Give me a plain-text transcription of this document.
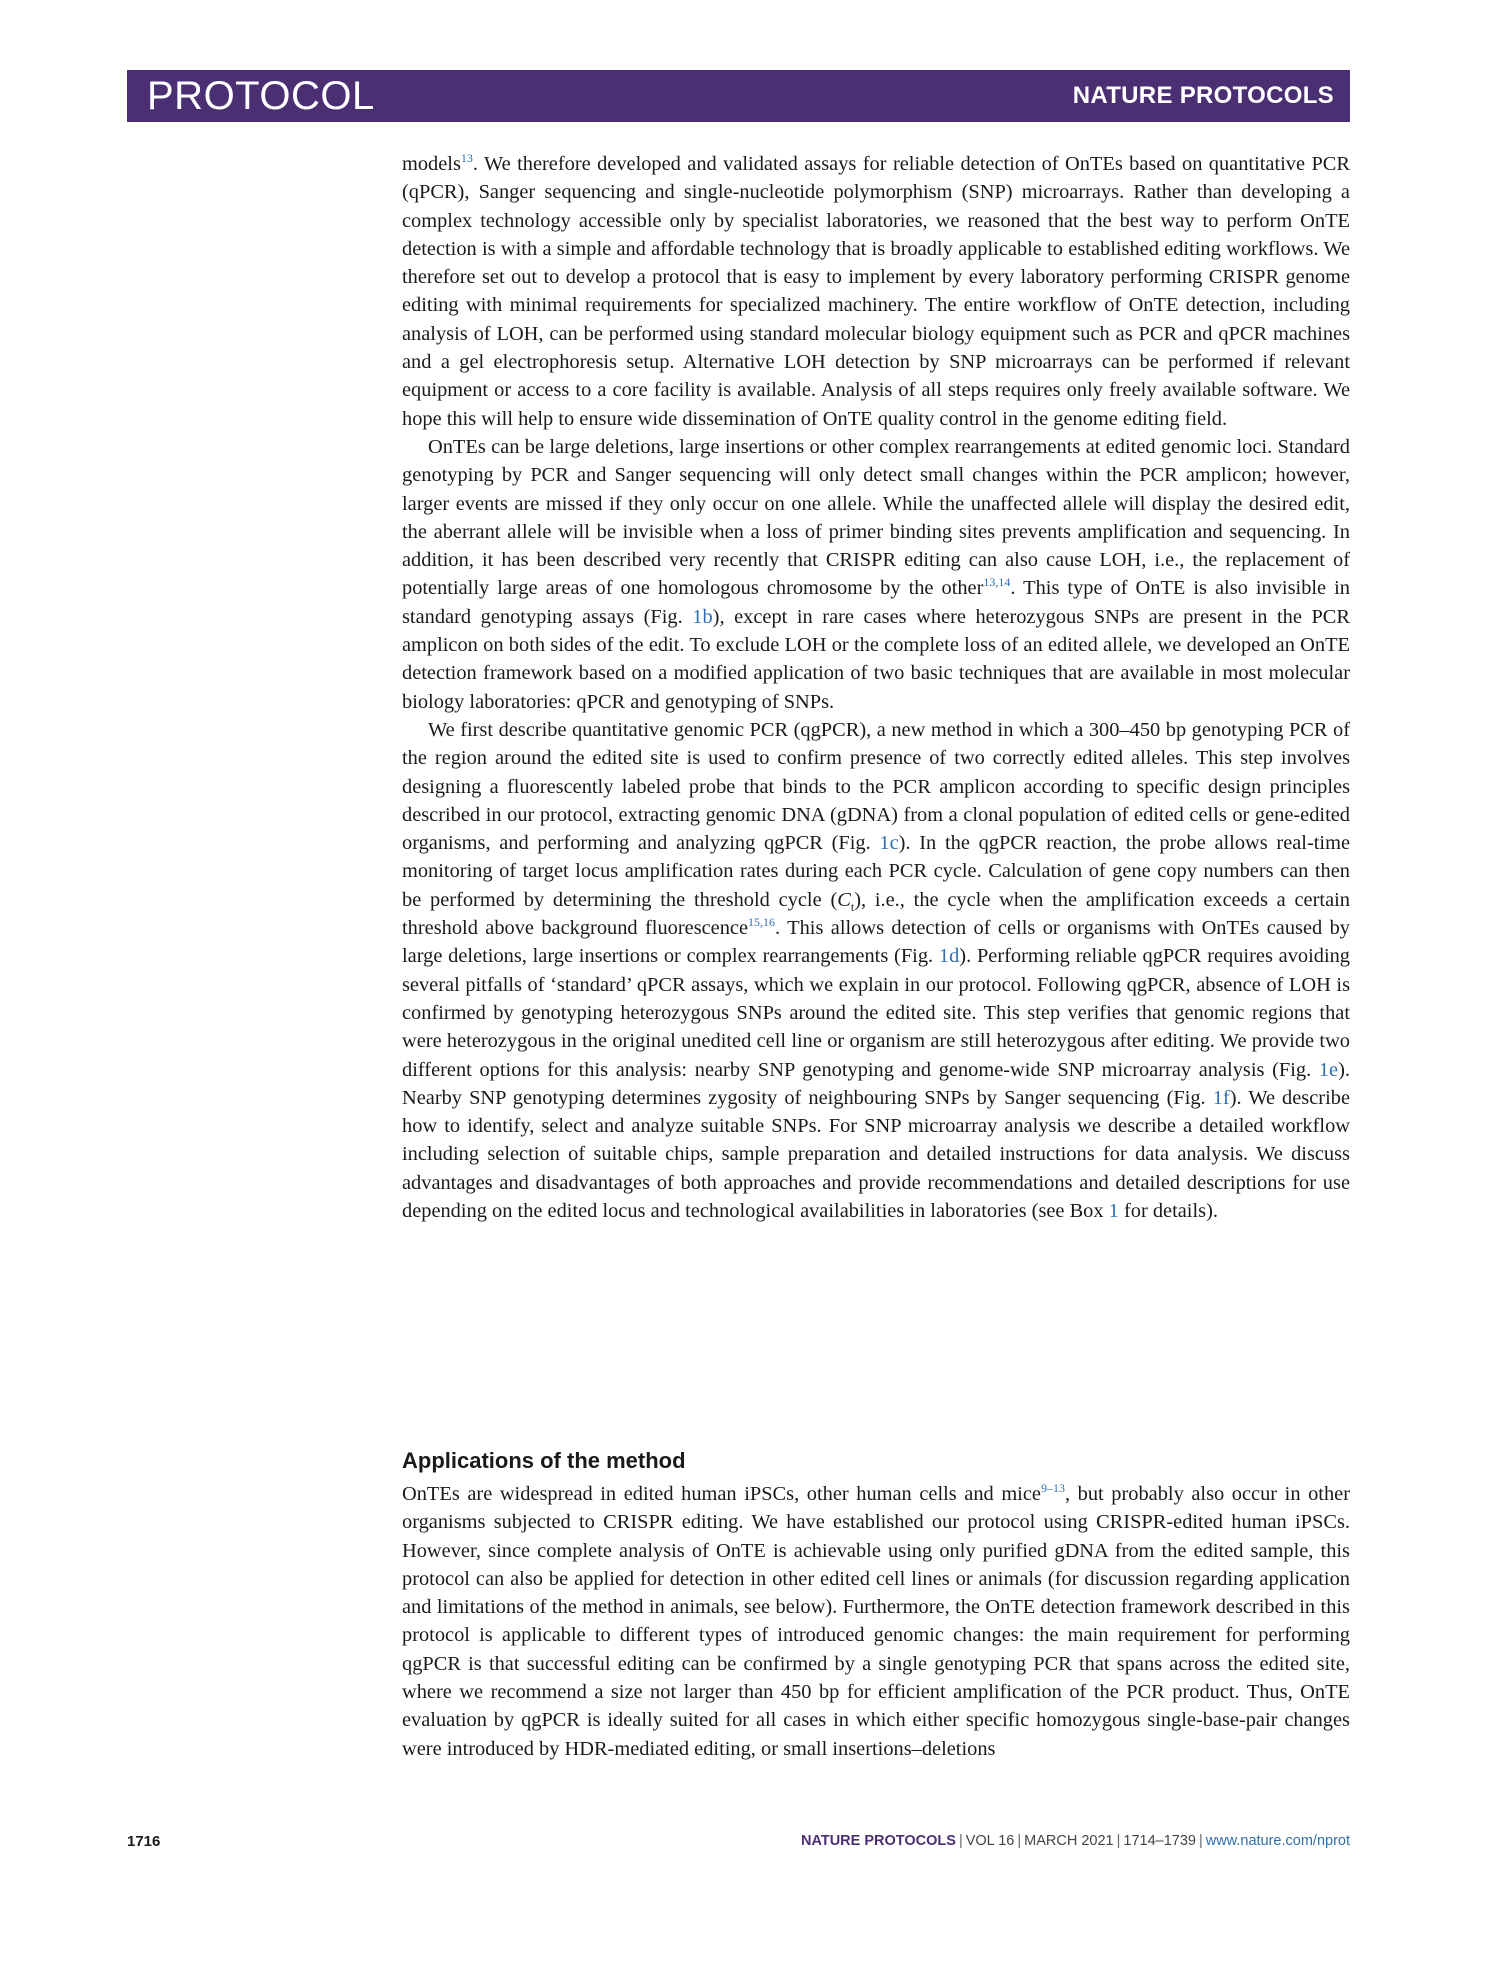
PROTOCOL	NATURE PROTOCOLS

models$^{13}$. We therefore developed and validated assays for reliable detection of OnTEs based on quantitative PCR (qPCR), Sanger sequencing and single-nucleotide polymorphism (SNP) microarrays. Rather than developing a complex technology accessible only by specialist laboratories, we reasoned that the best way to perform OnTE detection is with a simple and affordable technology that is broadly applicable to established editing workflows. We therefore set out to develop a protocol that is easy to implement by every laboratory performing CRISPR genome editing with minimal requirements for specialized machinery. The entire workflow of OnTE detection, including analysis of LOH, can be performed using standard molecular biology equipment such as PCR and qPCR machines and a gel electrophoresis setup. Alternative LOH detection by SNP microarrays can be performed if relevant equipment or access to a core facility is available. Analysis of all steps requires only freely available software. We hope this will help to ensure wide dissemination of OnTE quality control in the genome editing field.

OnTEs can be large deletions, large insertions or other complex rearrangements at edited genomic loci. Standard genotyping by PCR and Sanger sequencing will only detect small changes within the PCR amplicon; however, larger events are missed if they only occur on one allele. While the unaffected allele will display the desired edit, the aberrant allele will be invisible when a loss of primer binding sites prevents amplification and sequencing. In addition, it has been described very recently that CRISPR editing can also cause LOH, i.e., the replacement of potentially large areas of one homologous chromosome by the other$^{13,14}$. This type of OnTE is also invisible in standard genotyping assays (Fig. 1b), except in rare cases where heterozygous SNPs are present in the PCR amplicon on both sides of the edit. To exclude LOH or the complete loss of an edited allele, we developed an OnTE detection framework based on a modified application of two basic techniques that are available in most molecular biology laboratories: qPCR and genotyping of SNPs.

We first describe quantitative genomic PCR (qgPCR), a new method in which a 300–450 bp genotyping PCR of the region around the edited site is used to confirm presence of two correctly edited alleles. This step involves designing a fluorescently labeled probe that binds to the PCR amplicon according to specific design principles described in our protocol, extracting genomic DNA (gDNA) from a clonal population of edited cells or gene-edited organisms, and performing and analyzing qgPCR (Fig. 1c). In the qgPCR reaction, the probe allows real-time monitoring of target locus amplification rates during each PCR cycle. Calculation of gene copy numbers can then be performed by determining the threshold cycle $(C_t)$, i.e., the cycle when the amplification exceeds a certain threshold above background fluorescence$^{15,16}$. This allows detection of cells or organisms with OnTEs caused by large deletions, large insertions or complex rearrangements (Fig. 1d). Performing reliable qgPCR requires avoiding several pitfalls of ‘standard’ qPCR assays, which we explain in our protocol. Following qgPCR, absence of LOH is confirmed by genotyping heterozygous SNPs around the edited site. This step verifies that genomic regions that were heterozygous in the original unedited cell line or organism are still heterozygous after editing. We provide two different options for this analysis: nearby SNP genotyping and genome-wide SNP microarray analysis (Fig. 1e). Nearby SNP genotyping determines zygosity of neighbouring SNPs by Sanger sequencing (Fig. 1f). We describe how to identify, select and analyze suitable SNPs. For SNP microarray analysis we describe a detailed workflow including selection of suitable chips, sample preparation and detailed instructions for data analysis. We discuss advantages and disadvantages of both approaches and provide recommendations and detailed descriptions for use depending on the edited locus and technological availabilities in laboratories (see Box 1 for details).

Applications of the method

OnTEs are widespread in edited human iPSCs, other human cells and mice$^{9-13}$, but probably also occur in other organisms subjected to CRISPR editing. We have established our protocol using CRISPR-edited human iPSCs. However, since complete analysis of OnTE is achievable using only purified gDNA from the edited sample, this protocol can also be applied for detection in other edited cell lines or animals (for discussion regarding application and limitations of the method in animals, see below). Furthermore, the OnTE detection framework described in this protocol is applicable to different types of introduced genomic changes: the main requirement for performing qgPCR is that successful editing can be confirmed by a single genotyping PCR that spans across the edited site, where we recommend a size not larger than 450 bp for efficient amplification of the PCR product. Thus, OnTE evaluation by qgPCR is ideally suited for all cases in which either specific homozygous single-base-pair changes were introduced by HDR-mediated editing, or small insertions–deletions

1716	NATURE PROTOCOLS | VOL 16 | MARCH 2021 | 1714–1739 | www.nature.com/nprot
